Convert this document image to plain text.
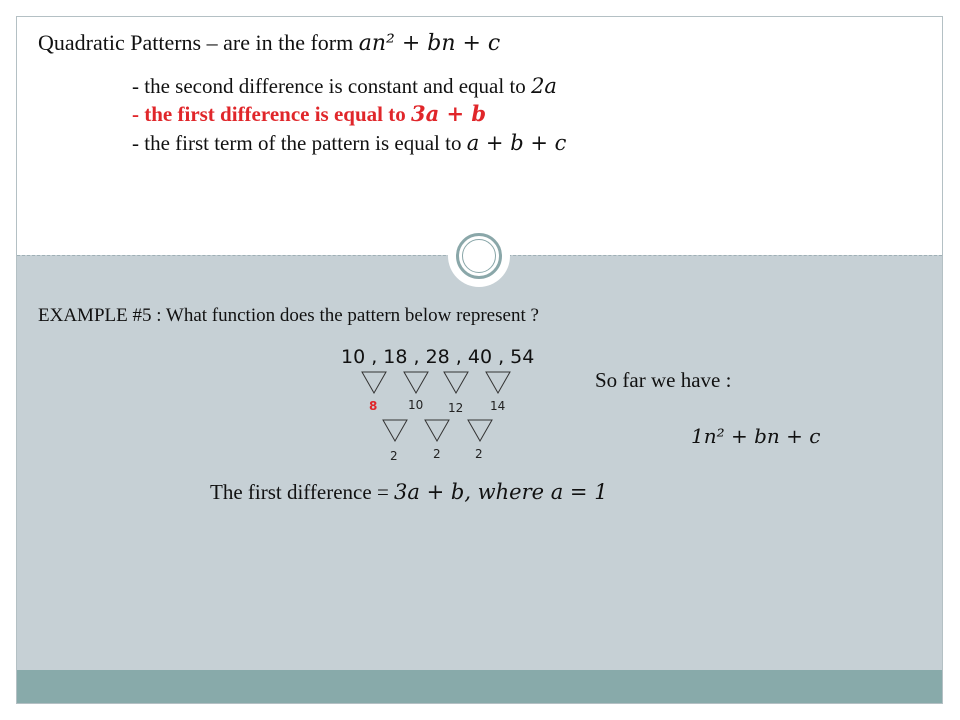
Quadratic Patterns – are in the form an² + bn + c
- the second difference is constant and equal to 2a
- the first difference is equal to 3a + b
- the first term of the pattern is equal to a + b + c
EXAMPLE #5 : What function does the pattern below represent ?
10 , 18 , 28 , 40 , 54
8	10 12 14
2	2	2
So far we have :
1n² + bn + c
The first difference = 3a + b, where a = 1
